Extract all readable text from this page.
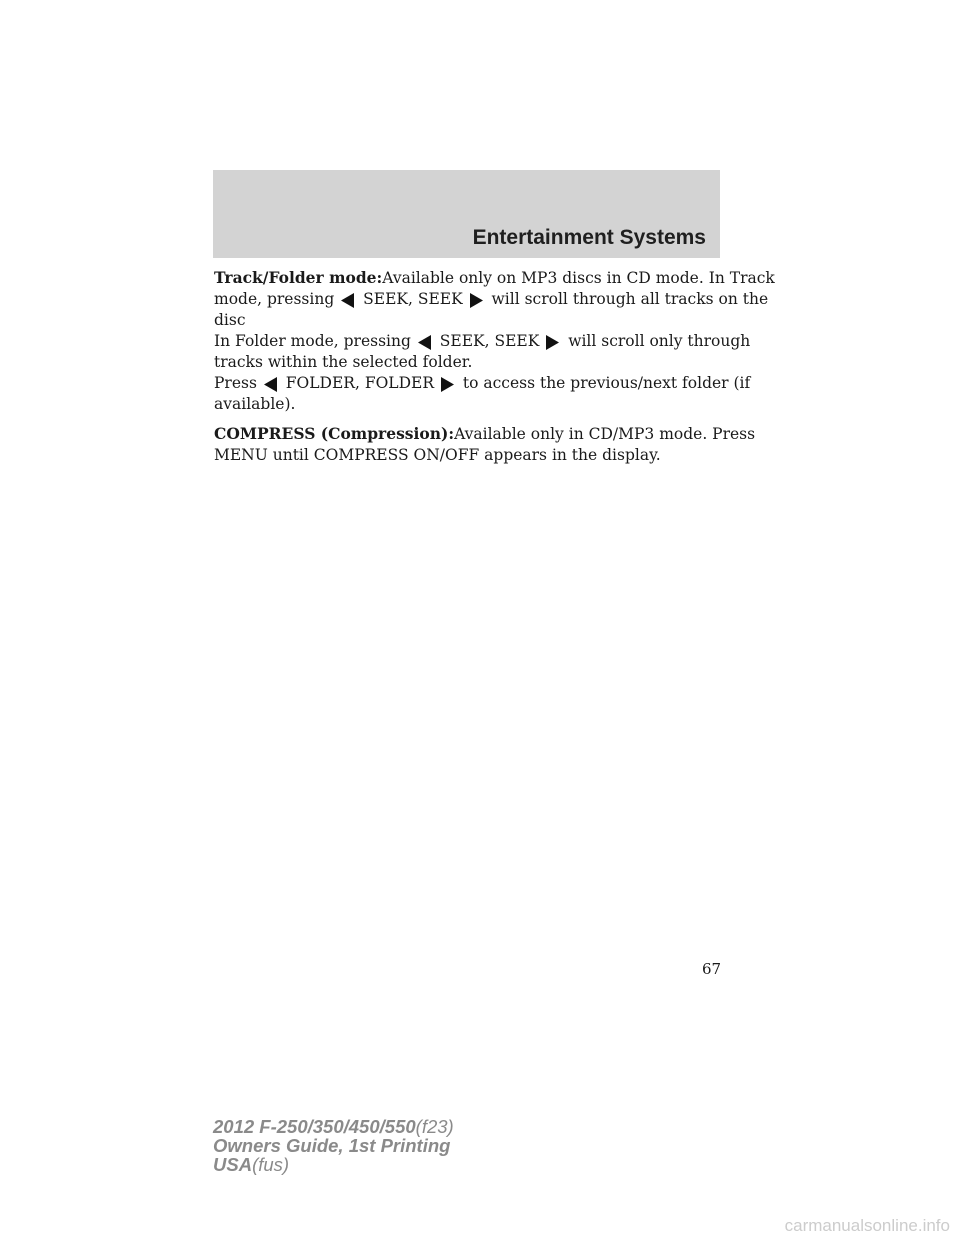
Entertainment Systems
Track/Folder mode:Available only on MP3 discs in CD mode. In Track
mode, pressing SEEK, SEEK will scroll through all tracks on the
disc
In Folder mode, pressing SEEK, SEEK will scroll only through
tracks within the selected folder.
Press FOLDER, FOLDER to access the previous/next folder (if
available).
COMPRESS (Compression):Available only in CD/MP3 mode. Press
MENU until COMPRESS ON/OFF appears in the display.
67
2012 F-250/350/450/550(f23)
Owners Guide, 1st Printing
USA(fus)
carmanualsonline.info
